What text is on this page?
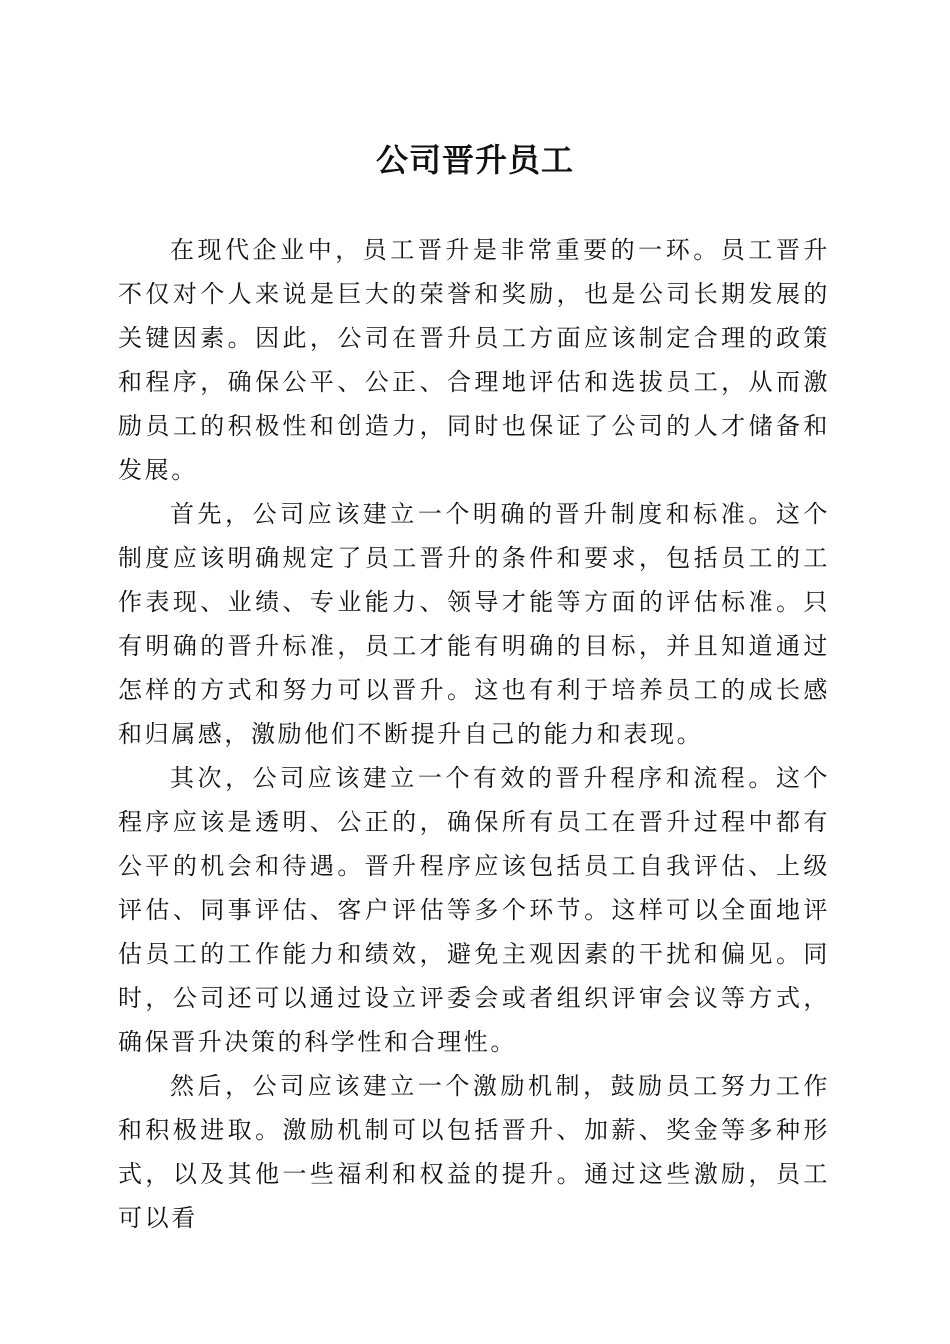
公司晋升员工

在现代企业中，员工晋升是非常重要的一环。员工晋升不仅对个人来说是巨大的荣誉和奖励，也是公司长期发展的关键因素。因此，公司在晋升员工方面应该制定合理的政策和程序，确保公平、公正、合理地评估和选拔员工，从而激励员工的积极性和创造力，同时也保证了公司的人才储备和发展。

首先，公司应该建立一个明确的晋升制度和标准。这个制度应该明确规定了员工晋升的条件和要求，包括员工的工作表现、业绩、专业能力、领导才能等方面的评估标准。只有明确的晋升标准，员工才能有明确的目标，并且知道通过怎样的方式和努力可以晋升。这也有利于培养员工的成长感和归属感，激励他们不断提升自己的能力和表现。

其次，公司应该建立一个有效的晋升程序和流程。这个程序应该是透明、公正的，确保所有员工在晋升过程中都有公平的机会和待遇。晋升程序应该包括员工自我评估、上级评估、同事评估、客户评估等多个环节。这样可以全面地评估员工的工作能力和绩效，避免主观因素的干扰和偏见。同时，公司还可以通过设立评委会或者组织评审会议等方式，确保晋升决策的科学性和合理性。

然后，公司应该建立一个激励机制，鼓励员工努力工作和积极进取。激励机制可以包括晋升、加薪、奖金等多种形式，以及其他一些福利和权益的提升。通过这些激励，员工可以看
